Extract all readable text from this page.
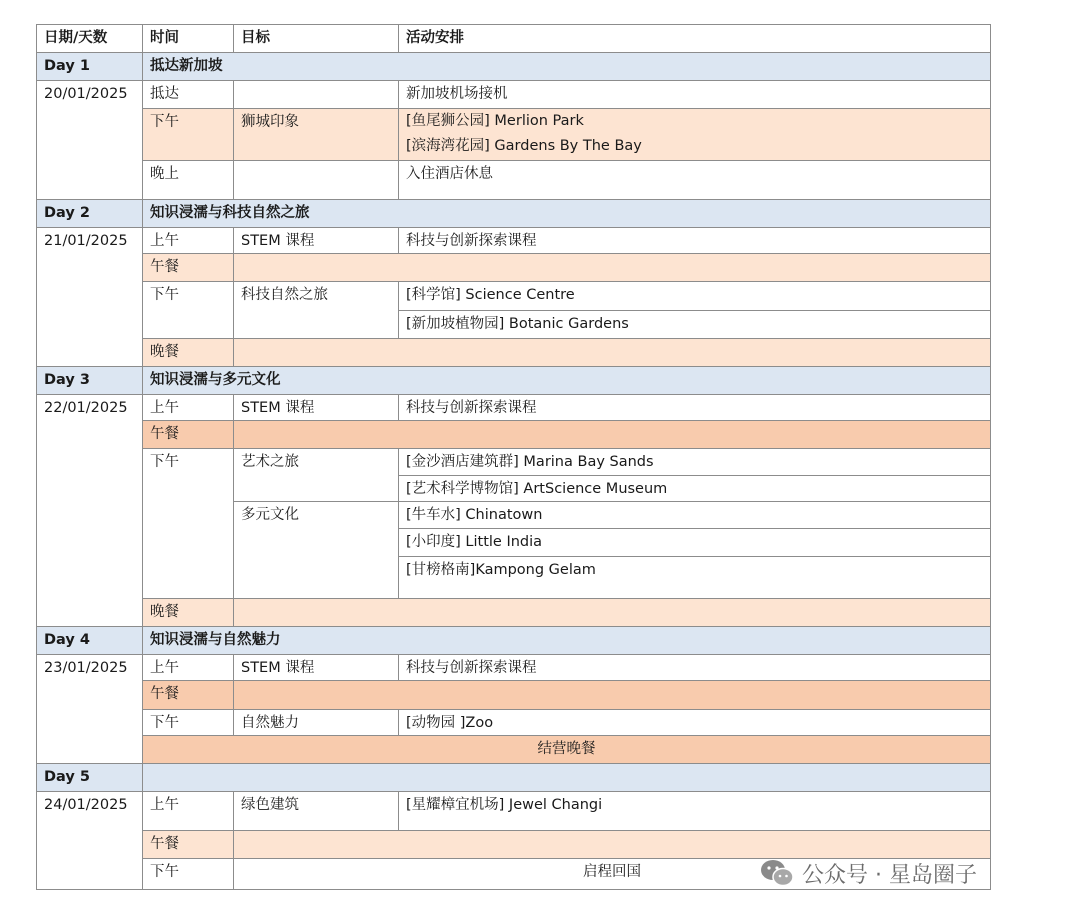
日期/天数	时间	目标	活动安排
Day 1	抵达新加坡		
20/01/2025	抵达		新加坡机场接机
	下午	狮城印象	[鱼尾狮公园] Merlion Park
[滨海湾花园] Gardens By The Bay

	晚上		入住酒店休息
Day 2	知识浸濡与科技自然之旅		
21/01/2025	上午	STEM 课程	科技与创新探索课程
	午餐		
	下午	科技自然之旅	[科学馆] Science Centre
			[新加坡植物园] Botanic Gardens
	晚餐		
Day 3	知识浸濡与多元文化		
22/01/2025	上午	STEM 课程	科技与创新探索课程
	午餐		
	下午	艺术之旅	[金沙酒店建筑群] Marina Bay Sands
			[艺术科学博物馆] ArtScience Museum
		多元文化	[牛车水] Chinatown
			[小印度] Little India
			[甘榜格南]Kampong Gelam

	晚餐		
Day 4	知识浸濡与自然魅力		
23/01/2025	上午	STEM 课程	科技与创新探索课程
	午餐		
	下午	自然魅力	[动物园 ]Zoo
	结营晚餐		
Day 5			
24/01/2025	上午	绿色建筑	[星耀樟宜机场] Jewel Changi
	午餐		
	下午	启程回国		公众号 · 星岛圈子
